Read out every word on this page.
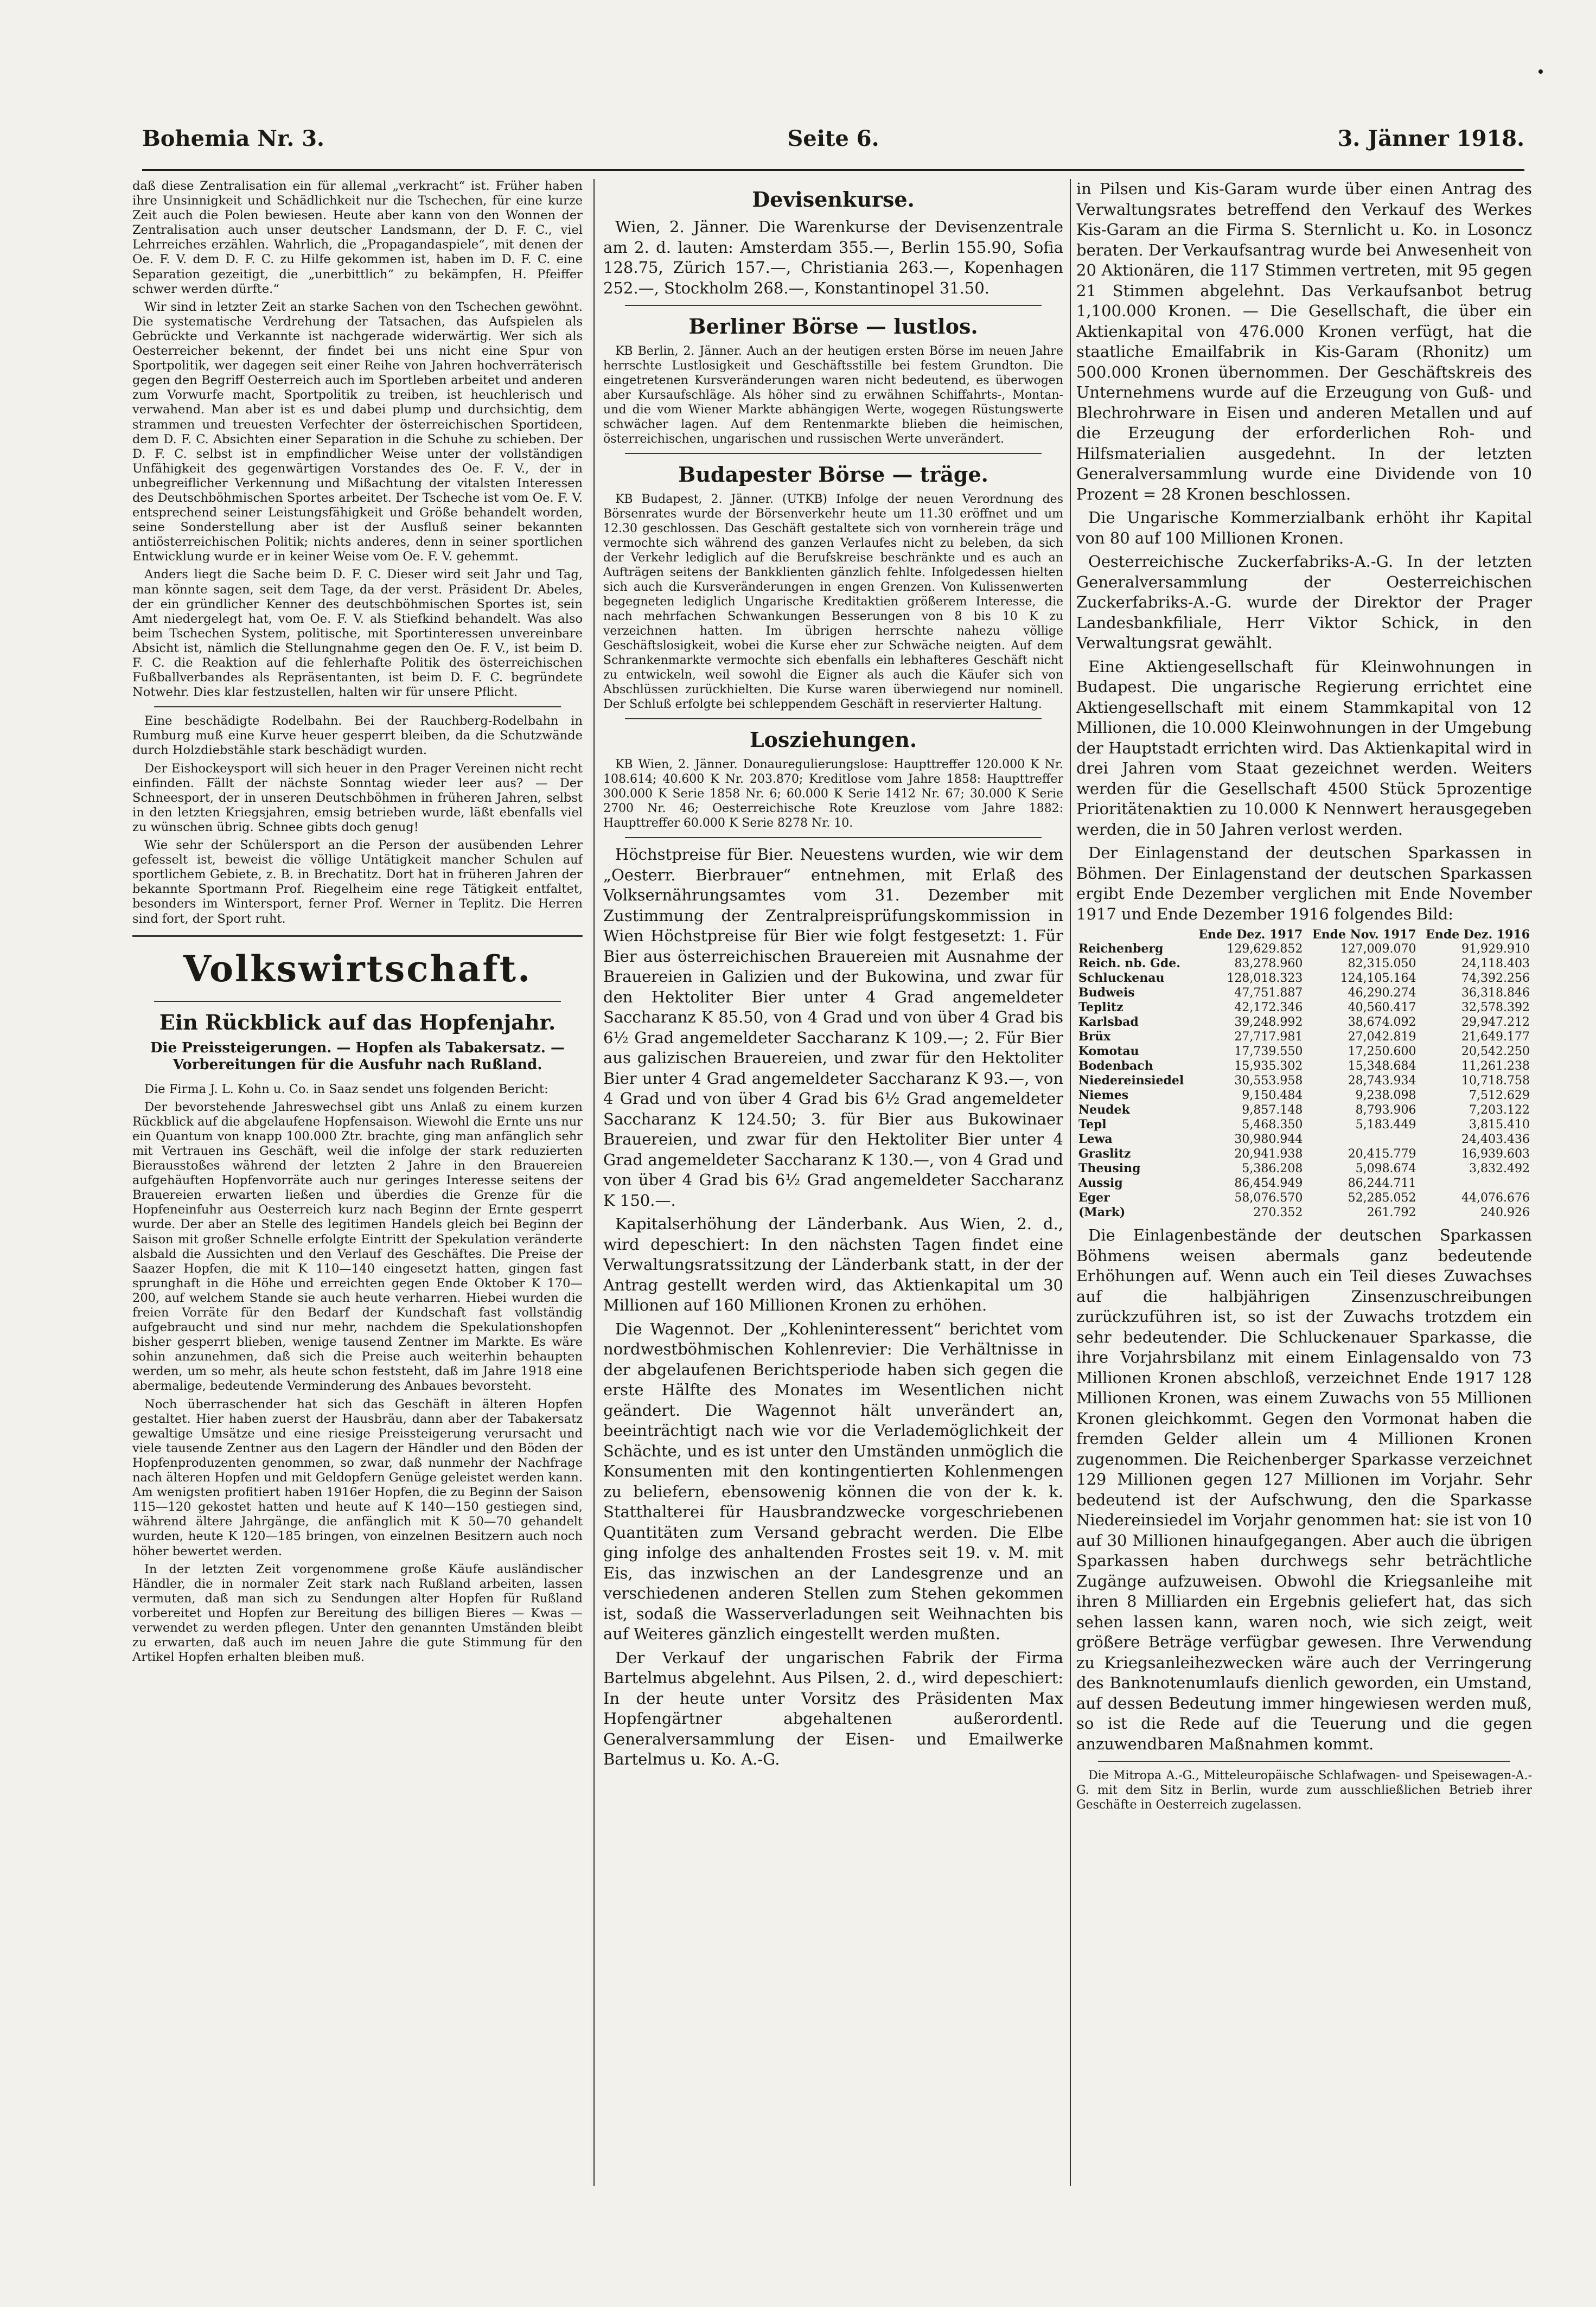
Seite 6.
Bohemia Nr. 3.	3. Jänner 1918.

daß diese Zentralisation ein für allemal „verkracht“ ist. Früher haben ihre Unsinnigkeit und Schädlichkeit nur die Tschechen, für eine kurze Zeit auch die Polen bewiesen. Heute aber kann von den Wonnen der Zentralisation auch unser deutscher Landsmann, der D. F. C., viel Lehrreiches erzählen. Wahrlich, die „Propagandaspiele“, mit denen der Oe. F. V. dem D. F. C. zu Hilfe gekommen ist, haben im D. F. C. eine Separation gezeitigt, die „unerbittlich“ zu bekämpfen, H. Pfeiffer schwer werden dürfte.“

Wir sind in letzter Zeit an starke Sachen von den Tschechen gewöhnt. Die systematische Verdrehung der Tatsachen, das Aufspielen als Gebrückte und Verkannte ist nachgerade widerwärtig. Wer sich als Oesterreicher bekennt, der findet bei uns nicht eine Spur von Sportpolitik, wer dagegen seit einer Reihe von Jahren hochverräterisch gegen den Begriff Oesterreich auch im Sportleben arbeitet und anderen zum Vorwurfe macht, Sportpolitik zu treiben, ist heuchlerisch und verwahend. Man aber ist es und dabei plump und durchsichtig, dem strammen und treuesten Verfechter der österreichischen Sportideen, dem D. F. C. Absichten einer Separation in die Schuhe zu schieben. Der D. F. C. selbst ist in empfindlicher Weise unter der vollständigen Unfähigkeit des gegenwärtigen Vorstandes des Oe. F. V., der in unbegreiflicher Verkennung und Mißachtung der vitalsten Interessen des Deutschböhmischen Sportes arbeitet. Der Tscheche ist vom Oe. F. V. entsprechend seiner Leistungsfähigkeit und Größe behandelt worden, seine Sonderstellung aber ist der Ausfluß seiner bekannten antiösterreichischen Politik; nichts anderes, denn in seiner sportlichen Entwicklung wurde er in keiner Weise vom Oe. F. V. gehemmt.

Anders liegt die Sache beim D. F. C. Dieser wird seit Jahr und Tag, man könnte sagen, seit dem Tage, da der verst. Präsident Dr. Abeles, der ein gründlicher Kenner des deutschböhmischen Sportes ist, sein Amt niedergelegt hat, vom Oe. F. V. als Stiefkind behandelt. Was also beim Tschechen System, politische, mit Sportinteressen unvereinbare Absicht ist, nämlich die Stellungnahme gegen den Oe. F. V., ist beim D. F. C. die Reaktion auf die fehlerhafte Politik des österreichischen Fußballverbandes als Repräsentanten, ist beim D. F. C. begründete Notwehr. Dies klar festzustellen, halten wir für unsere Pflicht.

Eine beschädigte Rodelbahn. Bei der Rauchberg-Rodelbahn in Rumburg muß eine Kurve heuer gesperrt bleiben, da die Schutzwände durch Holzdiebstähle stark beschädigt wurden.

Der Eishockeysport will sich heuer in den Prager Vereinen nicht recht einfinden. Fällt der nächste Sonntag wieder leer aus? — Der Schneesport, der in unseren Deutschböhmen in früheren Jahren, selbst in den letzten Kriegsjahren, emsig betrieben wurde, läßt ebenfalls viel zu wünschen übrig. Schnee gibts doch genug!

Wie sehr der Schülersport an die Person der ausübenden Lehrer gefesselt ist, beweist die völlige Untätigkeit mancher Schulen auf sportlichem Gebiete, z. B. in Brechatitz. Dort hat in früheren Jahren der bekannte Sportmann Prof. Riegelheim eine rege Tätigkeit entfaltet, besonders im Wintersport, ferner Prof. Werner in Teplitz. Die Herren sind fort, der Sport ruht.

Volkswirtschaft.
Ein Rückblick auf das Hopfenjahr.
Die Preissteigerungen. — Hopfen als Tabakersatz. — Vorbereitungen für die Ausfuhr nach Rußland.

Die Firma J. L. Kohn u. Co. in Saaz sendet uns folgenden Bericht:

Der bevorstehende Jahreswechsel gibt uns Anlaß zu einem kurzen Rückblick auf die abgelaufene Hopfensaison. Wiewohl die Ernte uns nur ein Quantum von knapp 100.000 Ztr. brachte, ging man anfänglich sehr mit Vertrauen ins Geschäft, weil die infolge der stark reduzierten Bierausstoßes während der letzten 2 Jahre in den Brauereien aufgehäuften Hopfenvorräte auch nur geringes Interesse seitens der Brauereien erwarten ließen und überdies die Grenze für die Hopfeneinfuhr aus Oesterreich kurz nach Beginn der Ernte gesperrt wurde. Der aber an Stelle des legitimen Handels gleich bei Beginn der Saison mit großer Schnelle erfolgte Eintritt der Spekulation veränderte alsbald die Aussichten und den Verlauf des Geschäftes. Die Preise der Saazer Hopfen, die mit K 110—140 eingesetzt hatten, gingen fast sprunghaft in die Höhe und erreichten gegen Ende Oktober K 170—200, auf welchem Stande sie auch heute verharren. Hiebei wurden die freien Vorräte für den Bedarf der Kundschaft fast vollständig aufgebraucht und sind nur mehr, nachdem die Spekulationshopfen bisher gesperrt blieben, wenige tausend Zentner im Markte. Es wäre sohin anzunehmen, daß sich die Preise auch weiterhin behaupten werden, um so mehr, als heute schon feststeht, daß im Jahre 1918 eine abermalige, bedeutende Verminderung des Anbaues bevorsteht.

Noch überraschender hat sich das Geschäft in älteren Hopfen gestaltet. Hier haben zuerst der Hausbräu, dann aber der Tabakersatz gewaltige Umsätze und eine riesige Preissteigerung verursacht und viele tausende Zentner aus den Lagern der Händler und den Böden der Hopfenproduzenten genommen, so zwar, daß nunmehr der Nachfrage nach älteren Hopfen und mit Geldopfern Genüge geleistet werden kann. Am wenigsten profitiert haben 1916er Hopfen, die zu Beginn der Saison 115—120 gekostet hatten und heute auf K 140—150 gestiegen sind, während ältere Jahrgänge, die anfänglich mit K 50—70 gehandelt wurden, heute K 120—185 bringen, von einzelnen Besitzern auch noch höher bewertet werden.

In der letzten Zeit vorgenommene große Käufe ausländischer Händler, die in normaler Zeit stark nach Rußland arbeiten, lassen vermuten, daß man sich zu Sendungen alter Hopfen für Rußland vorbereitet und Hopfen zur Bereitung des billigen Bieres — Kwas — verwendet zu werden pflegen. Unter den genannten Umständen bleibt zu erwarten, daß auch im neuen Jahre die gute Stimmung für den Artikel Hopfen erhalten bleiben muß.

Devisenkurse.

Wien, 2. Jänner. Die Warenkurse der Devisenzentrale am 2. d. lauten: Amsterdam 355.—, Berlin 155.90, Sofia 128.75, Zürich 157.—, Christiania 263.—, Kopenhagen 252.—, Stockholm 268.—, Konstantinopel 31.50.

Berliner Börse — lustlos.

KB Berlin, 2. Jänner. Auch an der heutigen ersten Börse im neuen Jahre herrschte Lustlosigkeit und Geschäftsstille bei festem Grundton. Die eingetretenen Kursveränderungen waren nicht bedeutend, es überwogen aber Kursaufschläge. Als höher sind zu erwähnen Schiffahrts-, Montan- und die vom Wiener Markte abhängigen Werte, wogegen Rüstungswerte schwächer lagen. Auf dem Rentenmarkte blieben die heimischen, österreichischen, ungarischen und russischen Werte unverändert.

Budapester Börse — träge.

KB Budapest, 2. Jänner. (UTKB) Infolge der neuen Verordnung des Börsenrates wurde der Börsenverkehr heute um 11.30 eröffnet und um 12.30 geschlossen. Das Geschäft gestaltete sich von vornherein träge und vermochte sich während des ganzen Verlaufes nicht zu beleben, da sich der Verkehr lediglich auf die Berufskreise beschränkte und es auch an Aufträgen seitens der Bankklienten gänzlich fehlte. Infolgedessen hielten sich auch die Kursveränderungen in engen Grenzen. Von Kulissenwerten begegneten lediglich Ungarische Kreditaktien größerem Interesse, die nach mehrfachen Schwankungen Besserungen von 8 bis 10 K zu verzeichnen hatten. Im übrigen herrschte nahezu völlige Geschäftslosigkeit, wobei die Kurse eher zur Schwäche neigten. Auf dem Schrankenmarkte vermochte sich ebenfalls ein lebhafteres Geschäft nicht zu entwickeln, weil sowohl die Eigner als auch die Käufer sich von Abschlüssen zurückhielten. Die Kurse waren überwiegend nur nominell. Der Schluß erfolgte bei schleppendem Geschäft in reservierter Haltung.

Losziehungen.

KB Wien, 2. Jänner. Donauregulierungslose: Haupttreffer 120.000 K Nr. 108.614; 40.600 K Nr. 203.870; Kreditlose vom Jahre 1858: Haupttreffer 300.000 K Serie 1858 Nr. 6; 60.000 K Serie 1412 Nr. 67; 30.000 K Serie 2700 Nr. 46; Oesterreichische Rote Kreuzlose vom Jahre 1882: Haupttreffer 60.000 K Serie 8278 Nr. 10.

Höchstpreise für Bier. Neuestens wurden, wie wir dem „Oesterr. Bierbrauer“ entnehmen, mit Erlaß des Volksernährungsamtes vom 31. Dezember mit Zustimmung der Zentralpreisprüfungskommission in Wien Höchstpreise für Bier wie folgt festgesetzt: 1. Für Bier aus österreichischen Brauereien mit Ausnahme der Brauereien in Galizien und der Bukowina, und zwar für den Hektoliter Bier unter 4 Grad angemeldeter Saccharanz K 85.50, von 4 Grad und von über 4 Grad bis 6½ Grad angemeldeter Saccharanz K 109.—; 2. Für Bier aus galizischen Brauereien, und zwar für den Hektoliter Bier unter 4 Grad angemeldeter Saccharanz K 93.—, von 4 Grad und von über 4 Grad bis 6½ Grad angemeldeter Saccharanz K 124.50; 3. für Bier aus Bukowinaer Brauereien, und zwar für den Hektoliter Bier unter 4 Grad angemeldeter Saccharanz K 130.—, von 4 Grad und von über 4 Grad bis 6½ Grad angemeldeter Saccharanz K 150.—.

Kapitalserhöhung der Länderbank. Aus Wien, 2. d., wird depeschiert: In den nächsten Tagen findet eine Verwaltungsratssitzung der Länderbank statt, in der der Antrag gestellt werden wird, das Aktienkapital um 30 Millionen auf 160 Millionen Kronen zu erhöhen.

Die Wagennot. Der „Kohleninteressent“ berichtet vom nordwestböhmischen Kohlenrevier: Die Verhältnisse in der abgelaufenen Berichtsperiode haben sich gegen die erste Hälfte des Monates im Wesentlichen nicht geändert. Die Wagennot hält unverändert an, beeinträchtigt nach wie vor die Verlademöglichkeit der Schächte, und es ist unter den Umständen unmöglich die Konsumenten mit den kontingentierten Kohlenmengen zu beliefern, ebensowenig können die von der k. k. Statthalterei für Hausbrandzwecke vorgeschriebenen Quantitäten zum Versand gebracht werden. Die Elbe ging infolge des anhaltenden Frostes seit 19. v. M. mit Eis, das inzwischen an der Landesgrenze und an verschiedenen anderen Stellen zum Stehen gekommen ist, sodaß die Wasserverladungen seit Weihnachten bis auf Weiteres gänzlich eingestellt werden mußten.

Der Verkauf der ungarischen Fabrik der Firma Bartelmus abgelehnt. Aus Pilsen, 2. d., wird depeschiert: In der heute unter Vorsitz des Präsidenten Max Hopfengärtner abgehaltenen außerordentl. Generalversammlung der Eisen- und Emailwerke Bartelmus u. Ko. A.-G.

in Pilsen und Kis-Garam wurde über einen Antrag des Verwaltungsrates betreffend den Verkauf des Werkes Kis-Garam an die Firma S. Sternlicht u. Ko. in Losoncz beraten. Der Verkaufsantrag wurde bei Anwesenheit von 20 Aktionären, die 117 Stimmen vertreten, mit 95 gegen 21 Stimmen abgelehnt. Das Verkaufsanbot betrug 1,100.000 Kronen. — Die Gesellschaft, die über ein Aktienkapital von 476.000 Kronen verfügt, hat die staatliche Emailfabrik in Kis-Garam (Rhonitz) um 500.000 Kronen übernommen. Der Geschäftskreis des Unternehmens wurde auf die Erzeugung von Guß- und Blechrohrware in Eisen und anderen Metallen und auf die Erzeugung der erforderlichen Roh- und Hilfsmaterialien ausgedehnt. In der letzten Generalversammlung wurde eine Dividende von 10 Prozent = 28 Kronen beschlossen.

Die Ungarische Kommerzialbank erhöht ihr Kapital von 80 auf 100 Millionen Kronen.

Oesterreichische Zuckerfabriks-A.-G. In der letzten Generalversammlung der Oesterreichischen Zuckerfabriks-A.-G. wurde der Direktor der Prager Landesbankfiliale, Herr Viktor Schick, in den Verwaltungsrat gewählt.

Eine Aktiengesellschaft für Kleinwohnungen in Budapest. Die ungarische Regierung errichtet eine Aktiengesellschaft mit einem Stammkapital von 12 Millionen, die 10.000 Kleinwohnungen in der Umgebung der Hauptstadt errichten wird. Das Aktienkapital wird in drei Jahren vom Staat gezeichnet werden. Weiters werden für die Gesellschaft 4500 Stück 5prozentige Prioritätenaktien zu 10.000 K Nennwert herausgegeben werden, die in 50 Jahren verlost werden.

Der Einlagenstand der deutschen Sparkassen in Böhmen. Der Einlagenstand der deutschen Sparkassen ergibt Ende Dezember verglichen mit Ende November 1917 und Ende Dezember 1916 folgendes Bild:

	Ende Dez. 1917	Ende Nov. 1917	Ende Dez. 1916
Reichenberg	129,629.852	127,009.070	91,929.910
Reich. nb. Gde.	83,278.960	82,315.050	24,118.403
Schluckenau	128,018.323	124,105.164	74,392.256
Budweis	47,751.887	46,290.274	36,318.846
Teplitz	42,172.346	40,560.417	32,578.392
Karlsbad	39,248.992	38,674.092	29,947.212
Brüx	27,717.981	27,042.819	21,649.177
Komotau	17,739.550	17,250.600	20,542.250
Bodenbach	15,935.302	15,348.684	11,261.238
Niedereinsiedel	30,553.958	28,743.934	10,718.758
Niemes	9,150.484	9,238.098	7,512.629
Neudek	9,857.148	8,793.906	7,203.122
Tepl	5,468.350	5,183.449	3,815.410
Lewa	30,980.944		24,403.436
Graslitz	20,941.938	20,415.779	16,939.603
Theusing	5,386.208	5,098.674	3,832.492
Aussig	86,454.949	86,244.711	
Eger	58,076.570	52,285.052	44,076.676
(Mark)	270.352	261.792	240.926

Die Einlagenbestände der deutschen Sparkassen Böhmens weisen abermals ganz bedeutende Erhöhungen auf. Wenn auch ein Teil dieses Zuwachses auf die halbjährigen Zinsenzuschreibungen zurückzuführen ist, so ist der Zuwachs trotzdem ein sehr bedeutender. Die Schluckenauer Sparkasse, die ihre Vorjahrsbilanz mit einem Einlagensaldo von 73 Millionen Kronen abschloß, verzeichnet Ende 1917 128 Millionen Kronen, was einem Zuwachs von 55 Millionen Kronen gleichkommt. Gegen den Vormonat haben die fremden Gelder allein um 4 Millionen Kronen zugenommen. Die Reichenberger Sparkasse verzeichnet 129 Millionen gegen 127 Millionen im Vorjahr. Sehr bedeutend ist der Aufschwung, den die Sparkasse Niedereinsiedel im Vorjahr genommen hat: sie ist von 10 auf 30 Millionen hinaufgegangen. Aber auch die übrigen Sparkassen haben durchwegs sehr beträchtliche Zugänge aufzuweisen. Obwohl die Kriegsanleihe mit ihren 8 Milliarden ein Ergebnis geliefert hat, das sich sehen lassen kann, waren noch, wie sich zeigt, weit größere Beträge verfügbar gewesen. Ihre Verwendung zu Kriegsanleihezwecken wäre auch der Verringerung des Banknotenumlaufs dienlich geworden, ein Umstand, auf dessen Bedeutung immer hingewiesen werden muß, so ist die Rede auf die Teuerung und die gegen anzuwendbaren Maßnahmen kommt.

Die Mitropa A.-G., Mitteleuropäische Schlafwagen- und Speisewagen-A.-G. mit dem Sitz in Berlin, wurde zum ausschließlichen Betrieb ihrer Geschäfte in Oesterreich zugelassen.
